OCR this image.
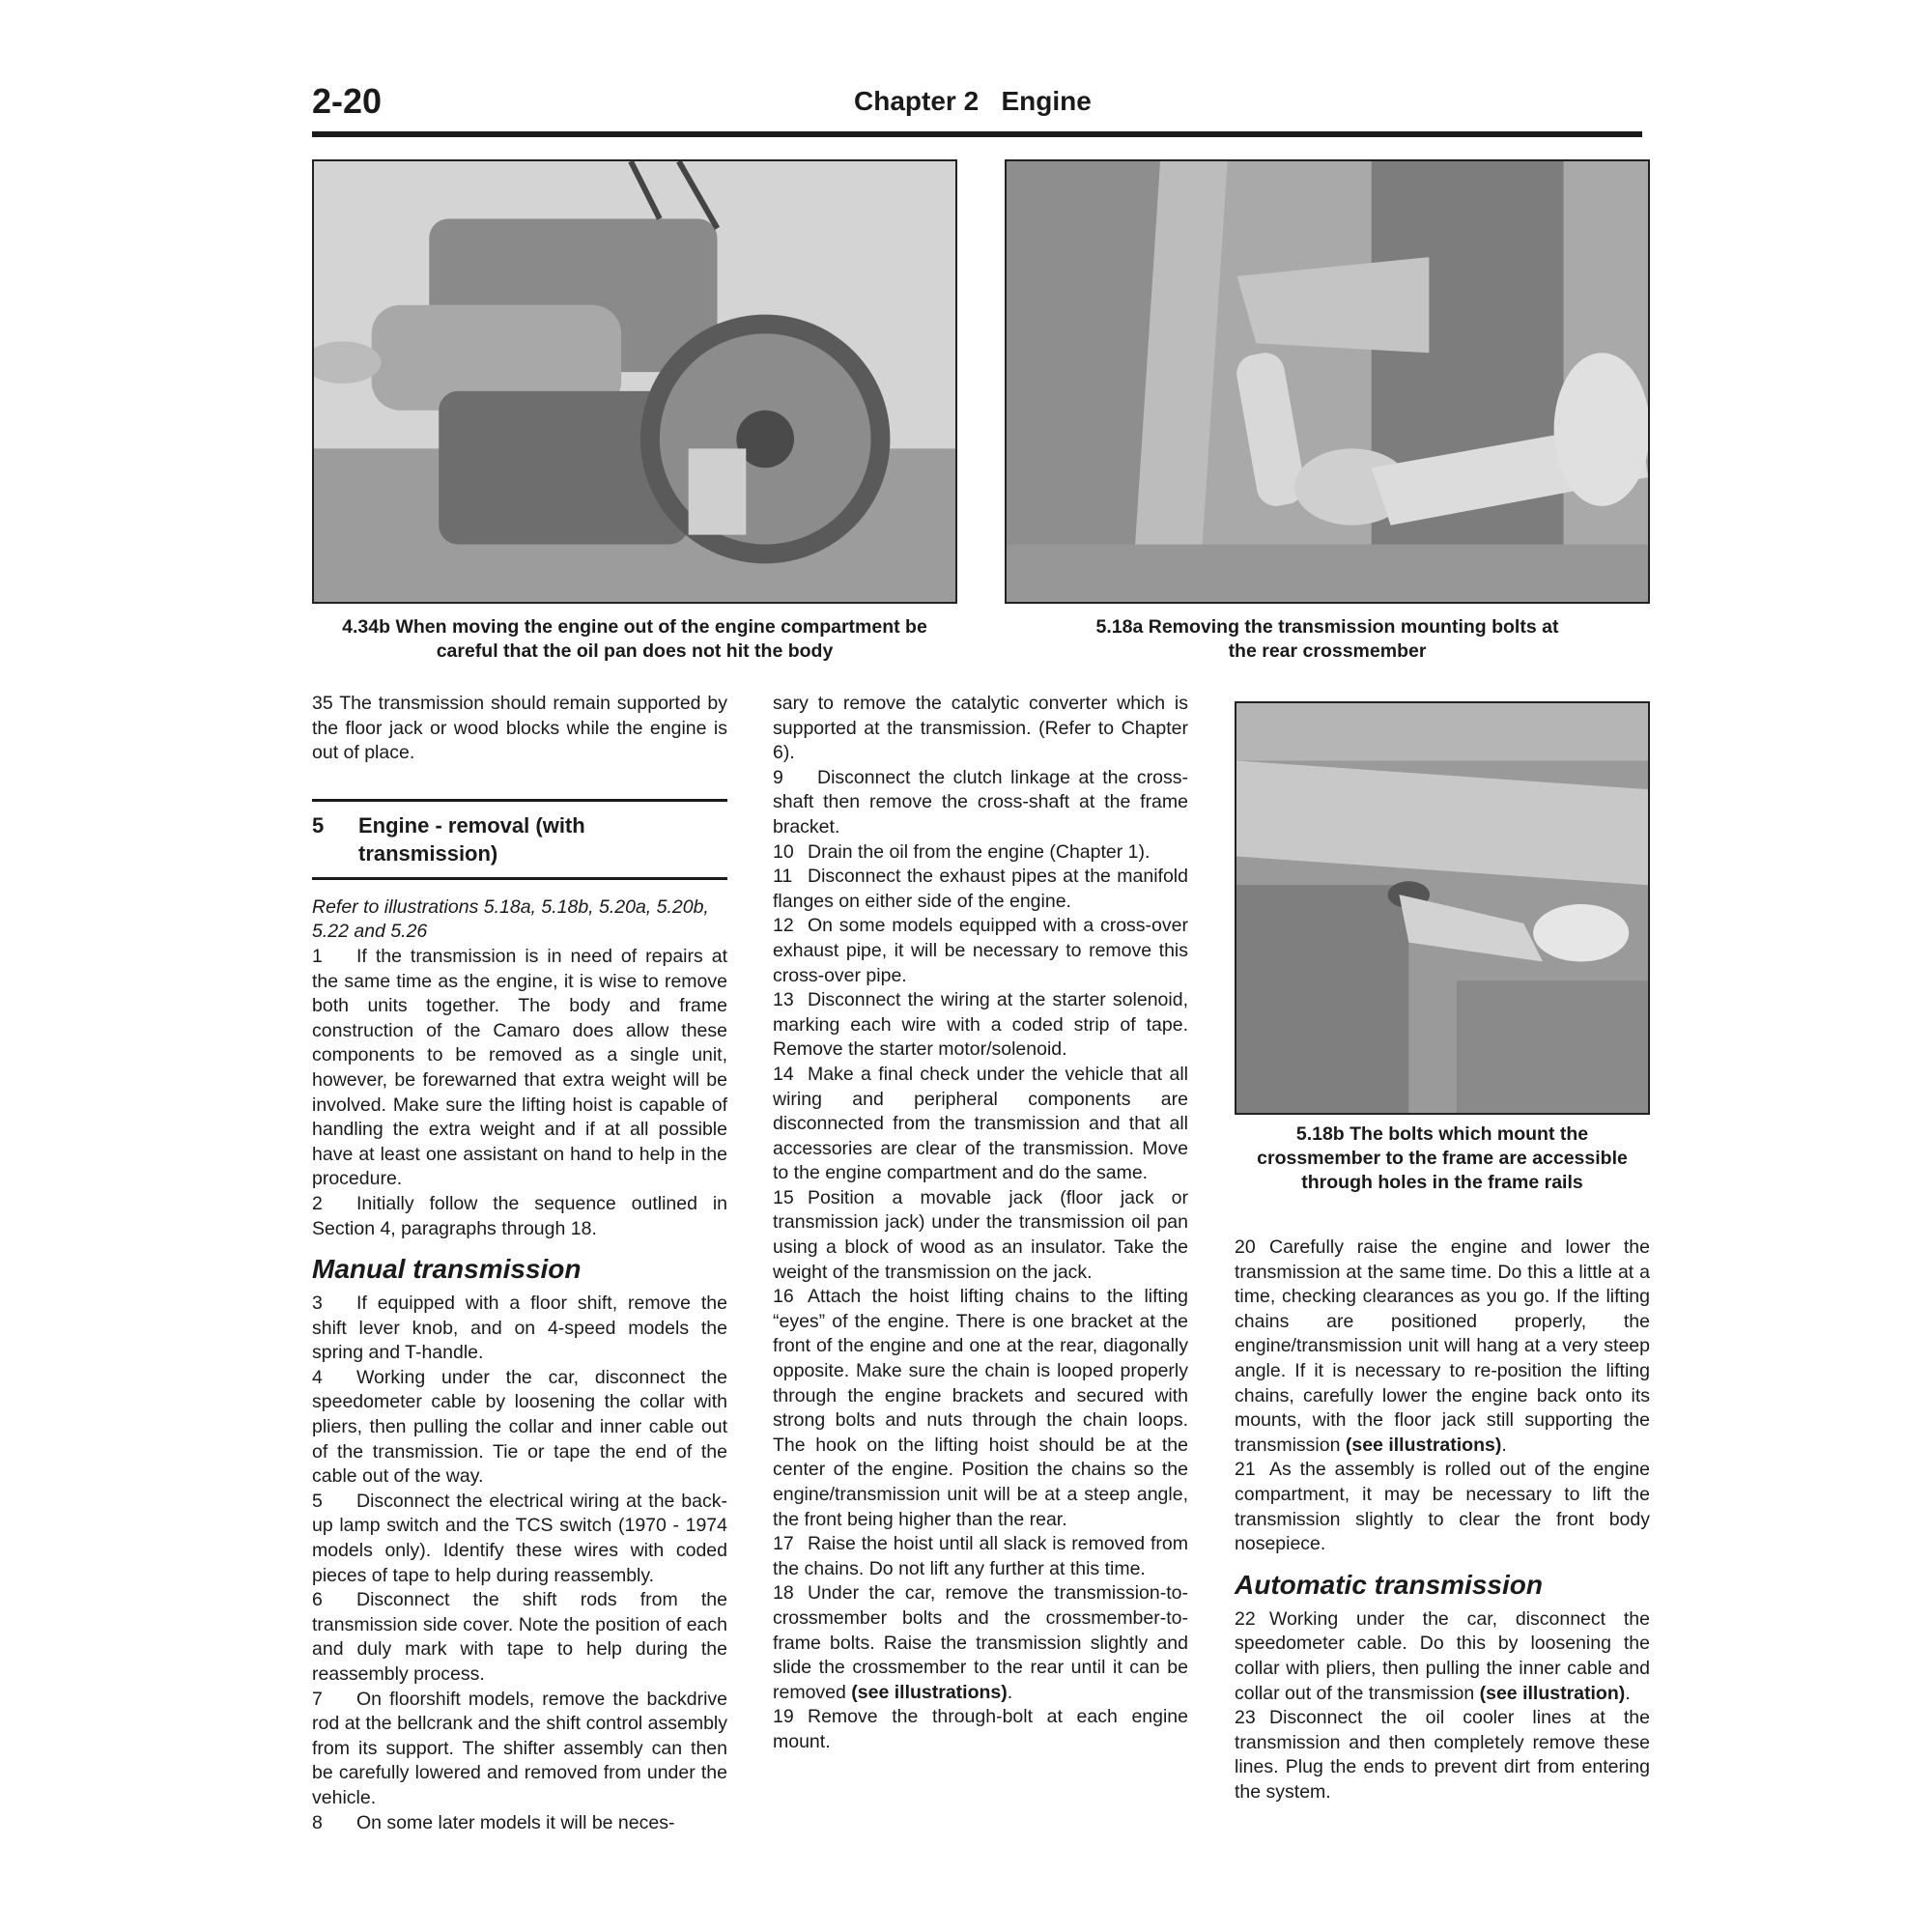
2-20	Chapter 2   Engine
4.34b When moving the engine out of the engine compartment be
careful that the oil pan does not hit the body
5.18a Removing the transmission mounting bolts at
the rear crossmember
5.18b The bolts which mount the
crossmember to the frame are accessible
through holes in the frame rails

35 The transmission should remain supported by the floor jack or wood blocks while the engine is out of place.

5	Engine - removal (with
transmission)

Refer to illustrations 5.18a, 5.18b, 5.20a, 5.20b, 5.22 and 5.26

1 If the transmission is in need of repairs at the same time as the engine, it is wise to remove both units together. The body and frame construction of the Camaro does allow these components to be removed as a single unit, however, be forewarned that extra weight will be involved. Make sure the lifting hoist is capable of handling the extra weight and if at all possible have at least one assistant on hand to help in the procedure.

2 Initially follow the sequence outlined in Section 4, paragraphs through 18.

Manual transmission

3 If equipped with a floor shift, remove the shift lever knob, and on 4-speed models the spring and T-handle.

4 Working under the car, disconnect the speedometer cable by loosening the collar with pliers, then pulling the collar and inner cable out of the transmission. Tie or tape the end of the cable out of the way.

5 Disconnect the electrical wiring at the back-up lamp switch and the TCS switch (1970 - 1974 models only). Identify these wires with coded pieces of tape to help during reassembly.

6 Disconnect the shift rods from the transmission side cover. Note the position of each and duly mark with tape to help during the reassembly process.

7 On floorshift models, remove the backdrive rod at the bellcrank and the shift control assembly from its support. The shifter assembly can then be carefully lowered and removed from under the vehicle.

8 On some later models it will be neces-

sary to remove the catalytic converter which is supported at the transmission. (Refer to Chapter 6).

9 Disconnect the clutch linkage at the cross-shaft then remove the cross-shaft at the frame bracket.

10 Drain the oil from the engine (Chapter 1).

11 Disconnect the exhaust pipes at the manifold flanges on either side of the engine.

12 On some models equipped with a cross-over exhaust pipe, it will be necessary to remove this cross-over pipe.

13 Disconnect the wiring at the starter solenoid, marking each wire with a coded strip of tape. Remove the starter motor/solenoid.

14 Make a final check under the vehicle that all wiring and peripheral components are disconnected from the transmission and that all accessories are clear of the transmission. Move to the engine compartment and do the same.

15 Position a movable jack (floor jack or transmission jack) under the transmission oil pan using a block of wood as an insulator. Take the weight of the transmission on the jack.

16 Attach the hoist lifting chains to the lifting “eyes” of the engine. There is one bracket at the front of the engine and one at the rear, diagonally opposite. Make sure the chain is looped properly through the engine brackets and secured with strong bolts and nuts through the chain loops. The hook on the lifting hoist should be at the center of the engine. Position the chains so the engine/transmission unit will be at a steep angle, the front being higher than the rear.

17 Raise the hoist until all slack is removed from the chains. Do not lift any further at this time.

18 Under the car, remove the transmission-to-crossmember bolts and the crossmember-to-frame bolts. Raise the transmission slightly and slide the crossmember to the rear until it can be removed (see illustrations).

19 Remove the through-bolt at each engine mount.

20 Carefully raise the engine and lower the transmission at the same time. Do this a little at a time, checking clearances as you go. If the lifting chains are positioned properly, the engine/transmission unit will hang at a very steep angle. If it is necessary to re-position the lifting chains, carefully lower the engine back onto its mounts, with the floor jack still supporting the transmission (see illustrations).

21 As the assembly is rolled out of the engine compartment, it may be necessary to lift the transmission slightly to clear the front body nosepiece.

Automatic transmission

22 Working under the car, disconnect the speedometer cable. Do this by loosening the collar with pliers, then pulling the inner cable and collar out of the transmission (see illustration).

23 Disconnect the oil cooler lines at the transmission and then completely remove these lines. Plug the ends to prevent dirt from entering the system.
